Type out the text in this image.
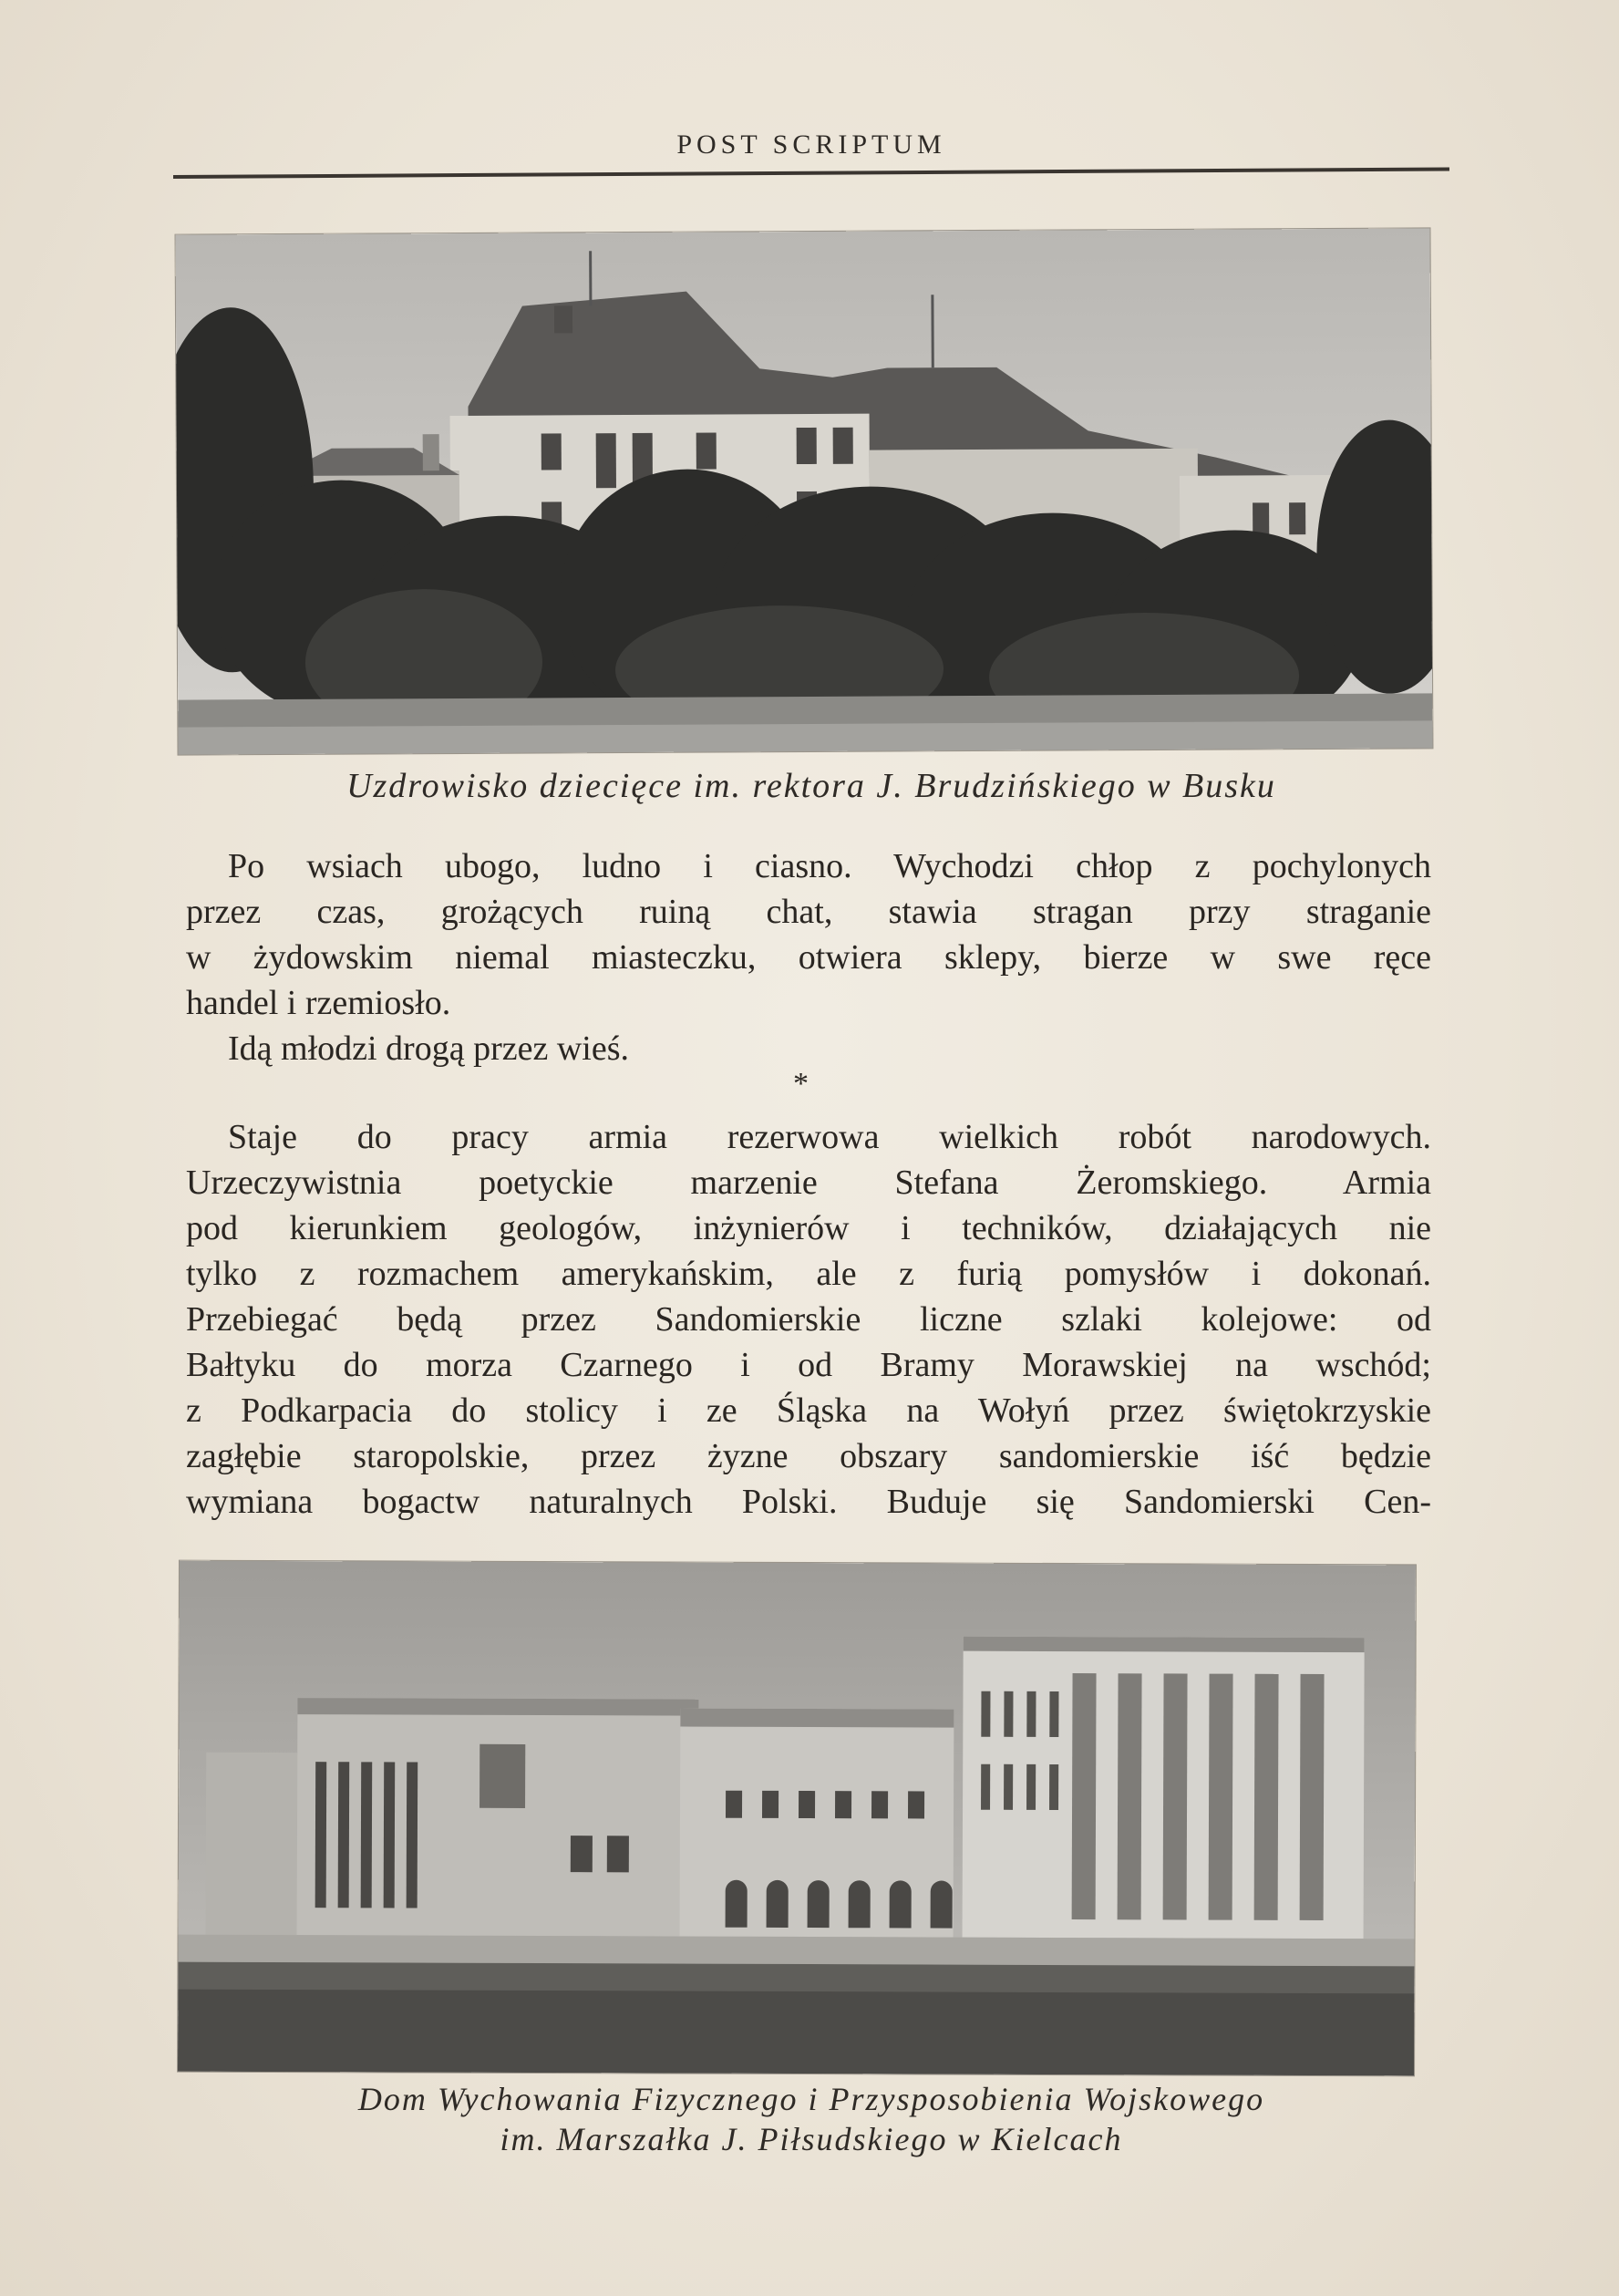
POST SCRIPTUM
Uzdrowisko dziecięce im. rektora J. Brudzińskiego w Busku
Po wsiach ubogo, ludno i ciasno. Wychodzi chłop z pochylonych
przez czas, grożących ruiną chat, stawia stragan przy straganie
w żydowskim niemal miasteczku, otwiera sklepy, bierze w swe ręce
handel i rzemiosło.
Idą młodzi drogą przez wieś.
*
Staje do pracy armia rezerwowa wielkich robót narodowych.
Urzeczywistnia poetyckie marzenie Stefana Żeromskiego. Armia
pod kierunkiem geologów, inżynierów i techników, działających nie
tylko z rozmachem amerykańskim, ale z furią pomysłów i dokonań.
Przebiegać będą przez Sandomierskie liczne szlaki kolejowe: od
Bałtyku do morza Czarnego i od Bramy Morawskiej na wschód;
z Podkarpacia do stolicy i ze Śląska na Wołyń przez świętokrzyskie
zagłębie staropolskie, przez żyzne obszary sandomierskie iść będzie
wymiana bogactw naturalnych Polski. Buduje się Sandomierski Cen-
Dom Wychowania Fizycznego i Przysposobienia Wojskowego
im. Marszałka J. Piłsudskiego w Kielcach
